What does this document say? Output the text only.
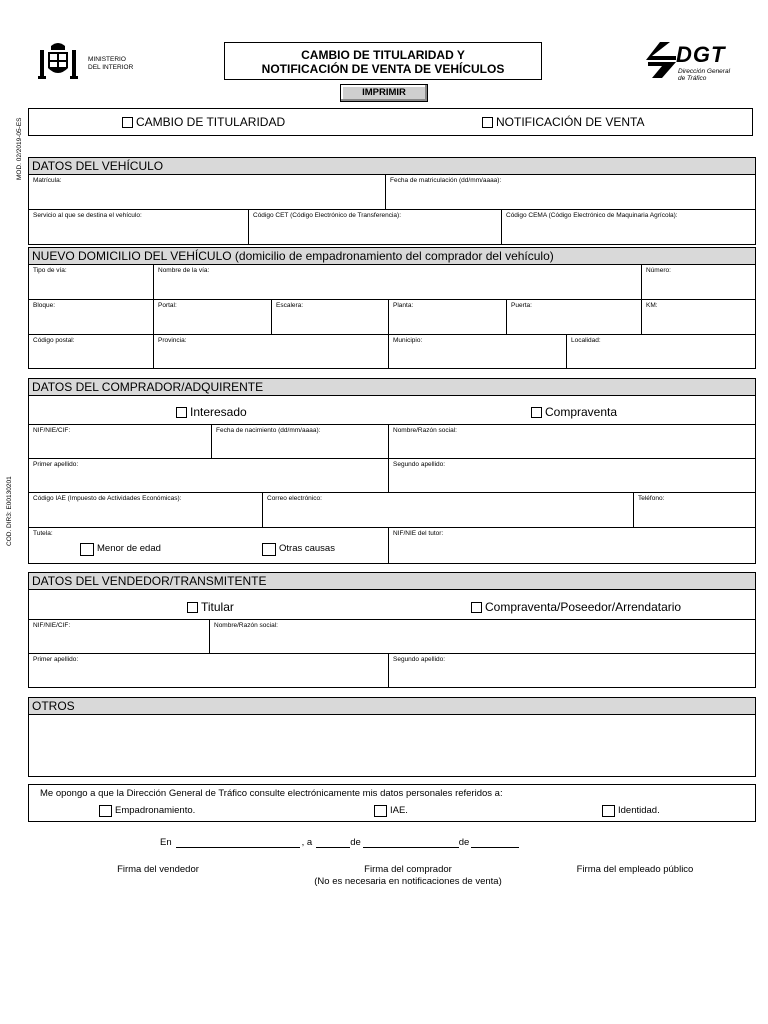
MINISTERIO
DEL INTERIOR
CAMBIO DE TITULARIDAD Y
NOTIFICACIÓN DE VENTA DE VEHÍCULOS
IMPRIMIR
DGT
Dirección General
de Tráfico
MOD. 02/2019-05-ES
COD. DIR3: E00130201
CAMBIO DE TITULARIDAD	NOTIFICACIÓN DE VENTA
DATOS DEL VEHÍCULO
Matrícula:	Fecha de matriculación (dd/mm/aaaa):
Servicio al que se destina el vehículo:	Código CET (Código Electrónico de Transferencia):	Código CEMA (Código Electrónico de Maquinaria Agrícola):
NUEVO DOMICILIO DEL VEHÍCULO (domicilio de empadronamiento del comprador del vehículo)
Tipo de vía:	Nombre de la vía:	Número:
Bloque:	Portal:	Escalera:	Planta:	Puerta:	KM:
Código postal:	Provincia:	Municipio:	Localidad:
DATOS DEL COMPRADOR/ADQUIRENTE
Interesado	Compraventa
NIF/NIE/CIF:	Fecha de nacimiento (dd/mm/aaaa):	Nombre/Razón social:
Primer apellido:	Segundo apellido:
Código IAE (Impuesto de Actividades Económicas):	Correo electrónico:	Teléfono:
Tutela:
Menor de edad	Otras causas
NIF/NIE del tutor:
DATOS DEL VENDEDOR/TRANSMITENTE
Titular	Compraventa/Poseedor/Arrendatario
NIF/NIE/CIF:	Nombre/Razón social:
Primer apellido:	Segundo apellido:
OTROS
Me opongo a que la Dirección General de Tráfico consulte electrónicamente mis datos personales referidos a:
Empadronamiento.	IAE.	Identidad.
En	, a	de	de
Firma del vendedor	Firma del comprador
(No es necesaria en notificaciones de venta)
Firma del empleado público
